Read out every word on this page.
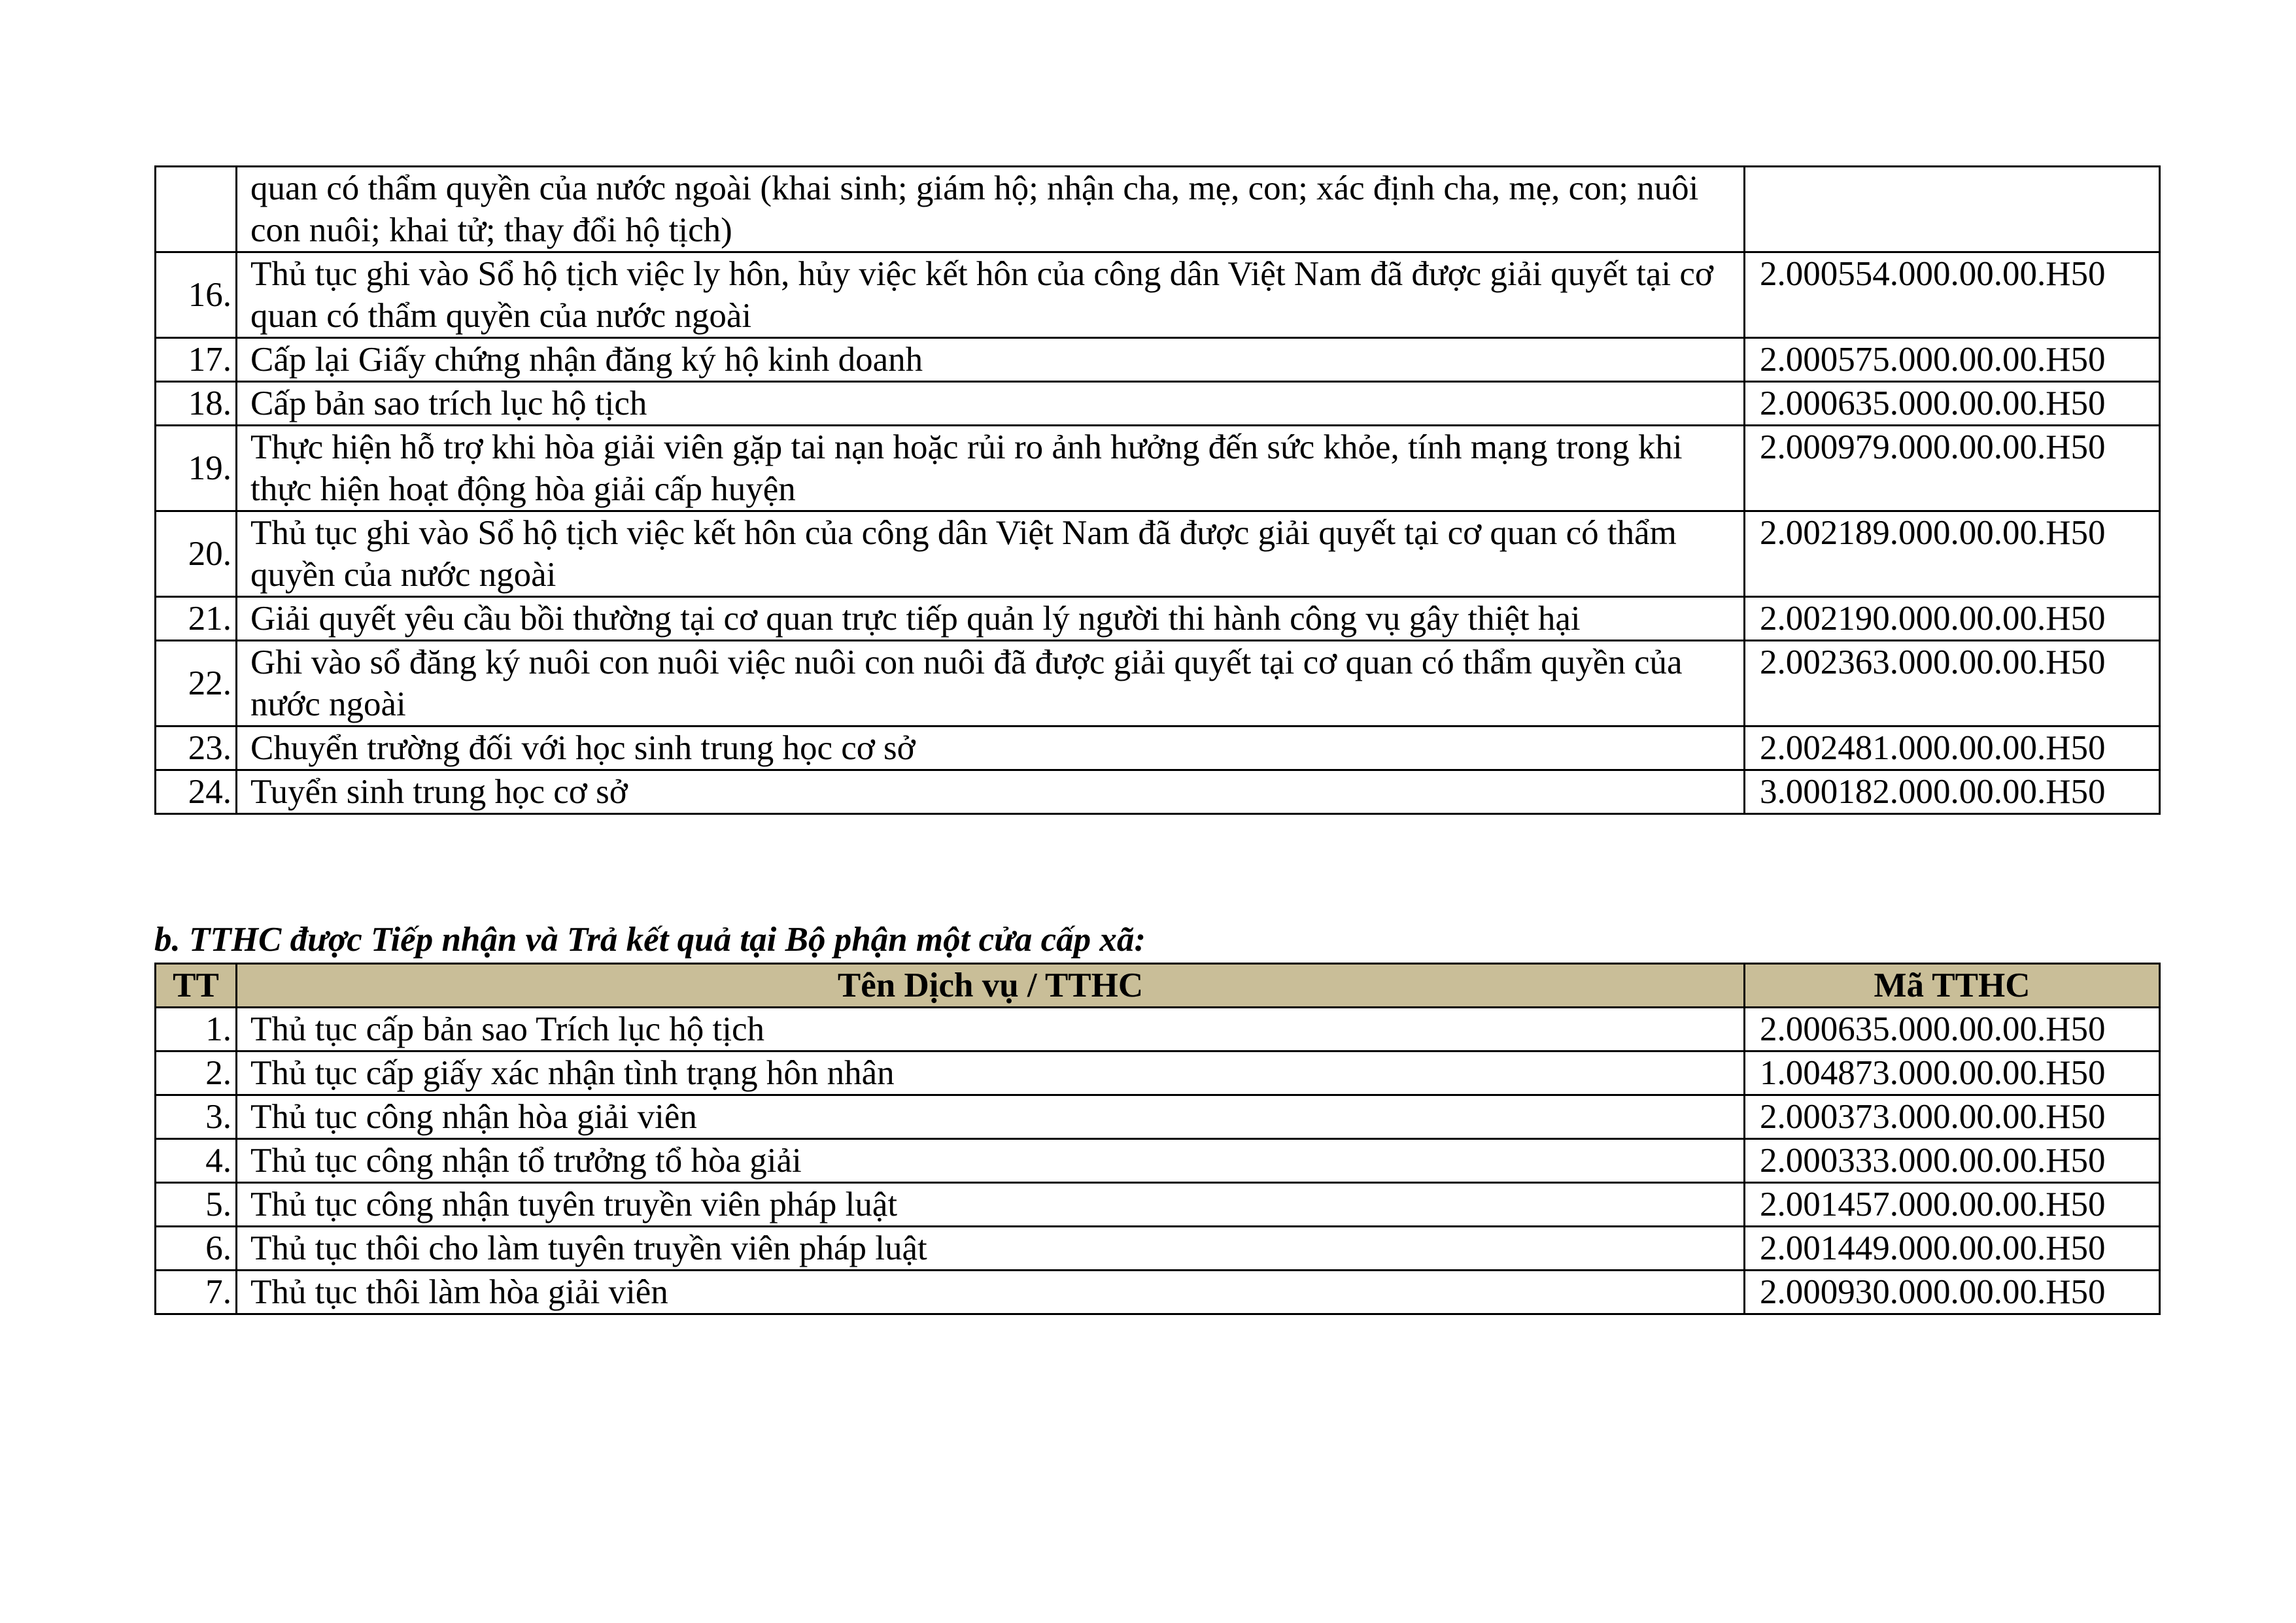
	quan có thẩm quyền của nước ngoài (khai sinh; giám hộ; nhận cha, mẹ, con; xác định cha, mẹ, con; nuôi con nuôi; khai tử; thay đổi hộ tịch)	
16.	Thủ tục ghi vào Sổ hộ tịch việc ly hôn, hủy việc kết hôn của công dân Việt Nam đã được giải quyết tại cơ quan có thẩm quyền của nước ngoài	2.000554.000.00.00.H50
17.	Cấp lại Giấy chứng nhận đăng ký hộ kinh doanh	2.000575.000.00.00.H50
18.	Cấp bản sao trích lục hộ tịch	2.000635.000.00.00.H50
19.	Thực hiện hỗ trợ khi hòa giải viên gặp tai nạn hoặc rủi ro ảnh hưởng đến sức khỏe, tính mạng trong khi thực hiện hoạt động hòa giải cấp huyện	2.000979.000.00.00.H50
20.	Thủ tục ghi vào Sổ hộ tịch việc kết hôn của công dân Việt Nam đã được giải quyết tại cơ quan có thẩm quyền của nước ngoài	2.002189.000.00.00.H50
21.	Giải quyết yêu cầu bồi thường tại cơ quan trực tiếp quản lý người thi hành công vụ gây thiệt hại	2.002190.000.00.00.H50
22.	Ghi vào sổ đăng ký nuôi con nuôi việc nuôi con nuôi đã được giải quyết tại cơ quan có thẩm quyền của nước ngoài	2.002363.000.00.00.H50
23.	Chuyển trường đối với học sinh trung học cơ sở	2.002481.000.00.00.H50
24.	Tuyển sinh trung học cơ sở	3.000182.000.00.00.H50

b. TTHC được Tiếp nhận và Trả kết quả tại Bộ phận một cửa cấp xã:

TT	Tên Dịch vụ / TTHC	Mã TTHC
1.	Thủ tục cấp bản sao Trích lục hộ tịch	2.000635.000.00.00.H50
2.	Thủ tục cấp giấy xác nhận tình trạng hôn nhân	1.004873.000.00.00.H50
3.	Thủ tục công nhận hòa giải viên	2.000373.000.00.00.H50
4.	Thủ tục công nhận tổ trưởng tổ hòa giải	2.000333.000.00.00.H50
5.	Thủ tục công nhận tuyên truyền viên pháp luật	2.001457.000.00.00.H50
6.	Thủ tục thôi cho làm tuyên truyền viên pháp luật	2.001449.000.00.00.H50
7.	Thủ tục thôi làm hòa giải viên	2.000930.000.00.00.H50
